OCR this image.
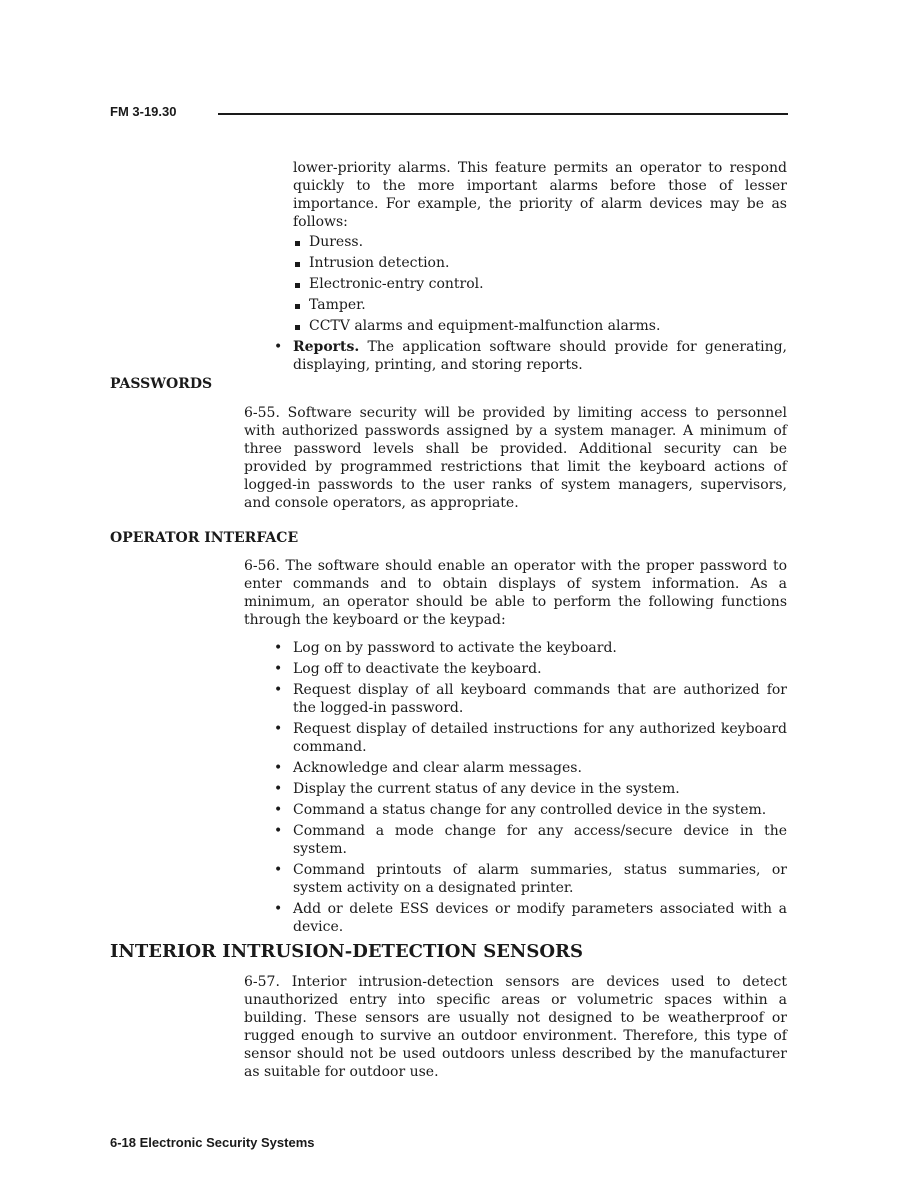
FM 3-19.30

lower-priority alarms. This feature permits an operator to respond quickly to the more important alarms before those of lesser importance. For example, the priority of alarm devices may be as follows:

Duress.
Intrusion detection.
Electronic-entry control.
Tamper.
CCTV alarms and equipment-malfunction alarms.
• Reports. The application software should provide for generating, displaying, printing, and storing reports.
PASSWORDS

6-55. Software security will be provided by limiting access to personnel with authorized passwords assigned by a system manager. A minimum of three password levels shall be provided. Additional security can be provided by programmed restrictions that limit the keyboard actions of logged-in passwords to the user ranks of system managers, supervisors, and console operators, as appropriate.

OPERATOR INTERFACE

6-56. The software should enable an operator with the proper password to enter commands and to obtain displays of system information. As a minimum, an operator should be able to perform the following functions through the keyboard or the keypad:

• Log on by password to activate the keyboard.
• Log off to deactivate the keyboard.
• Request display of all keyboard commands that are authorized for the logged-in password.
• Request display of detailed instructions for any authorized keyboard command.
• Acknowledge and clear alarm messages.
• Display the current status of any device in the system.
• Command a status change for any controlled device in the system.
• Command a mode change for any access/secure device in the system.
• Command printouts of alarm summaries, status summaries, or system activity on a designated printer.
• Add or delete ESS devices or modify parameters associated with a device.
INTERIOR INTRUSION-DETECTION SENSORS

6-57. Interior intrusion-detection sensors are devices used to detect unauthorized entry into specific areas or volumetric spaces within a building. These sensors are usually not designed to be weatherproof or rugged enough to survive an outdoor environment. Therefore, this type of sensor should not be used outdoors unless described by the manufacturer as suitable for outdoor use.

6-18 Electronic Security Systems
